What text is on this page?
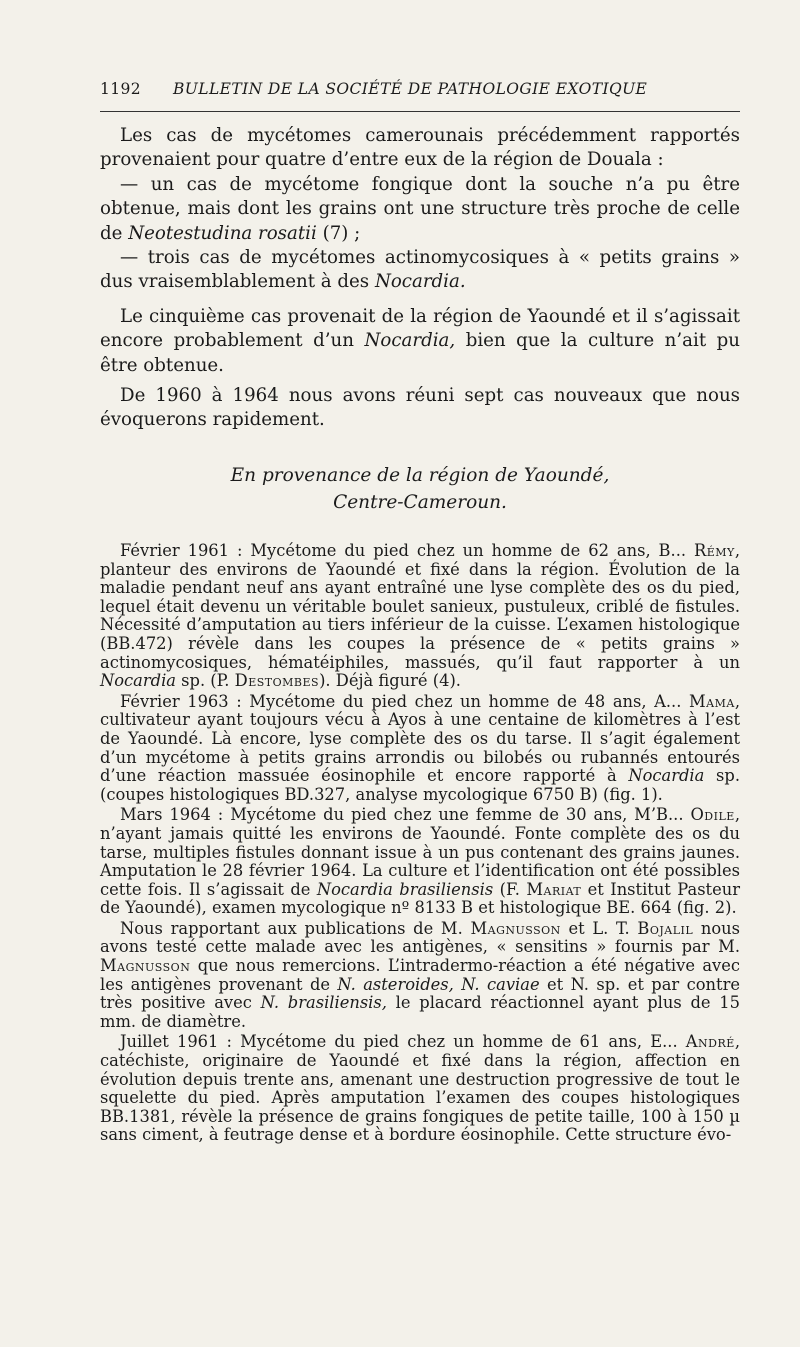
1192 BULLETIN DE LA SOCIÉTÉ DE PATHOLOGIE EXOTIQUE

Les cas de mycétomes camerounais précédemment rapportés provenaient pour quatre d’entre eux de la région de Douala :

— un cas de mycétome fongique dont la souche n’a pu être obtenue, mais dont les grains ont une structure très proche de celle de Neotestudina rosatii (7) ;

— trois cas de mycétomes actinomycosiques à « petits grains » dus vraisemblablement à des Nocardia.

Le cinquième cas provenait de la région de Yaoundé et il s’agissait encore probablement d’un Nocardia, bien que la culture n’ait pu être obtenue.

De 1960 à 1964 nous avons réuni sept cas nouveaux que nous évoquerons rapidement.

En provenance de la région de Yaoundé,
Centre-Cameroun.

Février 1961 : Mycétome du pied chez un homme de 62 ans, B... Rémy, planteur des environs de Yaoundé et fixé dans la région. Évolution de la maladie pendant neuf ans ayant entraîné une lyse complète des os du pied, lequel était devenu un véritable boulet sanieux, pustuleux, criblé de fistules. Nécessité d’amputation au tiers inférieur de la cuisse. L’examen histologique (BB.472) révèle dans les coupes la présence de « petits grains » actinomycosiques, hématéiphiles, massués, qu’il faut rapporter à un Nocardia sp. (P. Destombes). Déjà figuré (4).

Février 1963 : Mycétome du pied chez un homme de 48 ans, A... Mama, cultivateur ayant toujours vécu à Ayos à une centaine de kilomètres à l’est de Yaoundé. Là encore, lyse complète des os du tarse. Il s’agit également d’un mycétome à petits grains arrondis ou bilobés ou rubannés entourés d’une réaction massuée éosinophile et encore rapporté à Nocardia sp. (coupes histologiques BD.327, analyse mycologique 6750 B) (fig. 1).

Mars 1964 : Mycétome du pied chez une femme de 30 ans, M’B... Odile, n’ayant jamais quitté les environs de Yaoundé. Fonte complète des os du tarse, multiples fistules donnant issue à un pus contenant des grains jaunes. Amputation le 28 février 1964. La culture et l’identification ont été possibles cette fois. Il s’agissait de Nocardia brasiliensis (F. Mariat et Institut Pasteur de Yaoundé), examen mycologique nº 8133 B et histologique BE. 664 (fig. 2).

Nous rapportant aux publications de M. Magnusson et L. T. Bojalil nous avons testé cette malade avec les antigènes, « sensitins » fournis par M. Magnusson que nous remercions. L’intradermo-réaction a été négative avec les antigènes provenant de N. asteroides, N. caviae et N. sp. et par contre très positive avec N. brasiliensis, le placard réactionnel ayant plus de 15 mm. de diamètre.

Juillet 1961 : Mycétome du pied chez un homme de 61 ans, E... André, catéchiste, originaire de Yaoundé et fixé dans la région, affection en évolution depuis trente ans, amenant une destruction progressive de tout le squelette du pied. Après amputation l’examen des coupes histologiques BB.1381, révèle la présence de grains fongiques de petite taille, 100 à 150 µ sans ciment, à feutrage dense et à bordure éosinophile. Cette structure évo-
